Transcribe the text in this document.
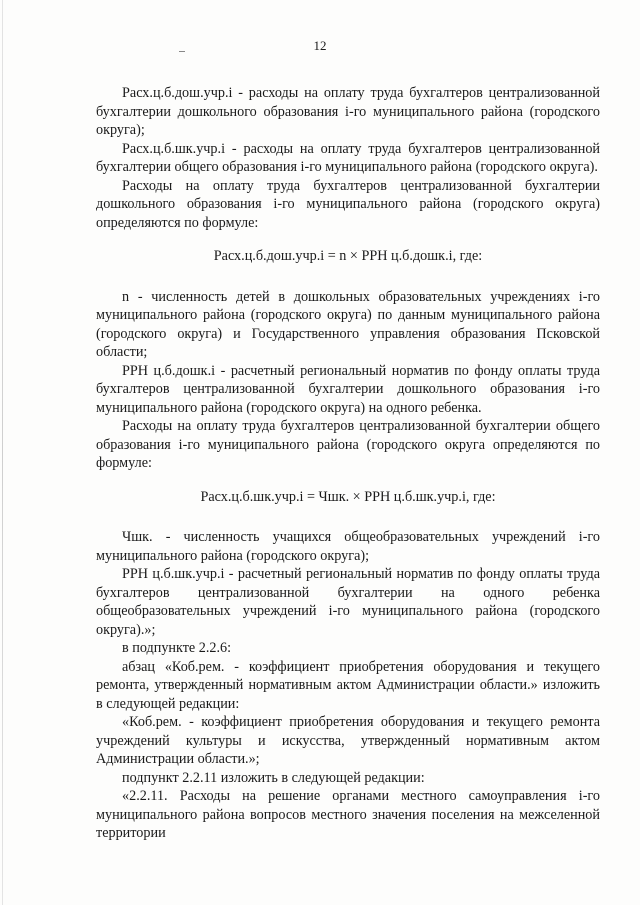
12

Расх.ц.б.дош.учр.i - расходы на оплату труда бухгалтеров централизованной бухгалтерии дошкольного образования i-го муниципального района (городского округа);

Расх.ц.б.шк.учр.i - расходы на оплату труда бухгалтеров централизованной бухгалтерии общего образования i-го муниципального района (городского округа).

Расходы на оплату труда бухгалтеров централизованной бухгалтерии дошкольного образования i-го муниципального района (городского округа) определяются по формуле:

Расх.ц.б.дош.учр.i = n × РРН ц.б.дошк.i, где:

n - численность детей в дошкольных образовательных учреждениях i-го муниципального района (городского округа) по данным муниципального района (городского округа) и Государственного управления образования Псковской области;

РРН ц.б.дошк.i - расчетный региональный норматив по фонду оплаты труда бухгалтеров централизованной бухгалтерии дошкольного образования i-го муниципального района (городского округа) на одного ребенка.

Расходы на оплату труда бухгалтеров централизованной бухгалтерии общего образования i-го муниципального района (городского округа определяются по формуле:

Расх.ц.б.шк.учр.i = Чшк. × РРН ц.б.шк.учр.i, где:

Чшк. - численность учащихся общеобразовательных учреждений i-го муниципального района (городского округа);

РРН ц.б.шк.учр.i - расчетный региональный норматив по фонду оплаты труда бухгалтеров централизованной бухгалтерии на одного ребенка общеобразовательных учреждений i-го муниципального района (городского округа).»;

в подпункте 2.2.6:

абзац «Коб.рем. - коэффициент приобретения оборудования и текущего ремонта, утвержденный нормативным актом Администрации области.» изложить в следующей редакции:

«Коб.рем. - коэффициент приобретения оборудования и текущего ремонта учреждений культуры и искусства, утвержденный нормативным актом Администрации области.»;

подпункт 2.2.11 изложить в следующей редакции:

«2.2.11. Расходы на решение органами местного самоуправления i-го муниципального района вопросов местного значения поселения на межселенной территории
